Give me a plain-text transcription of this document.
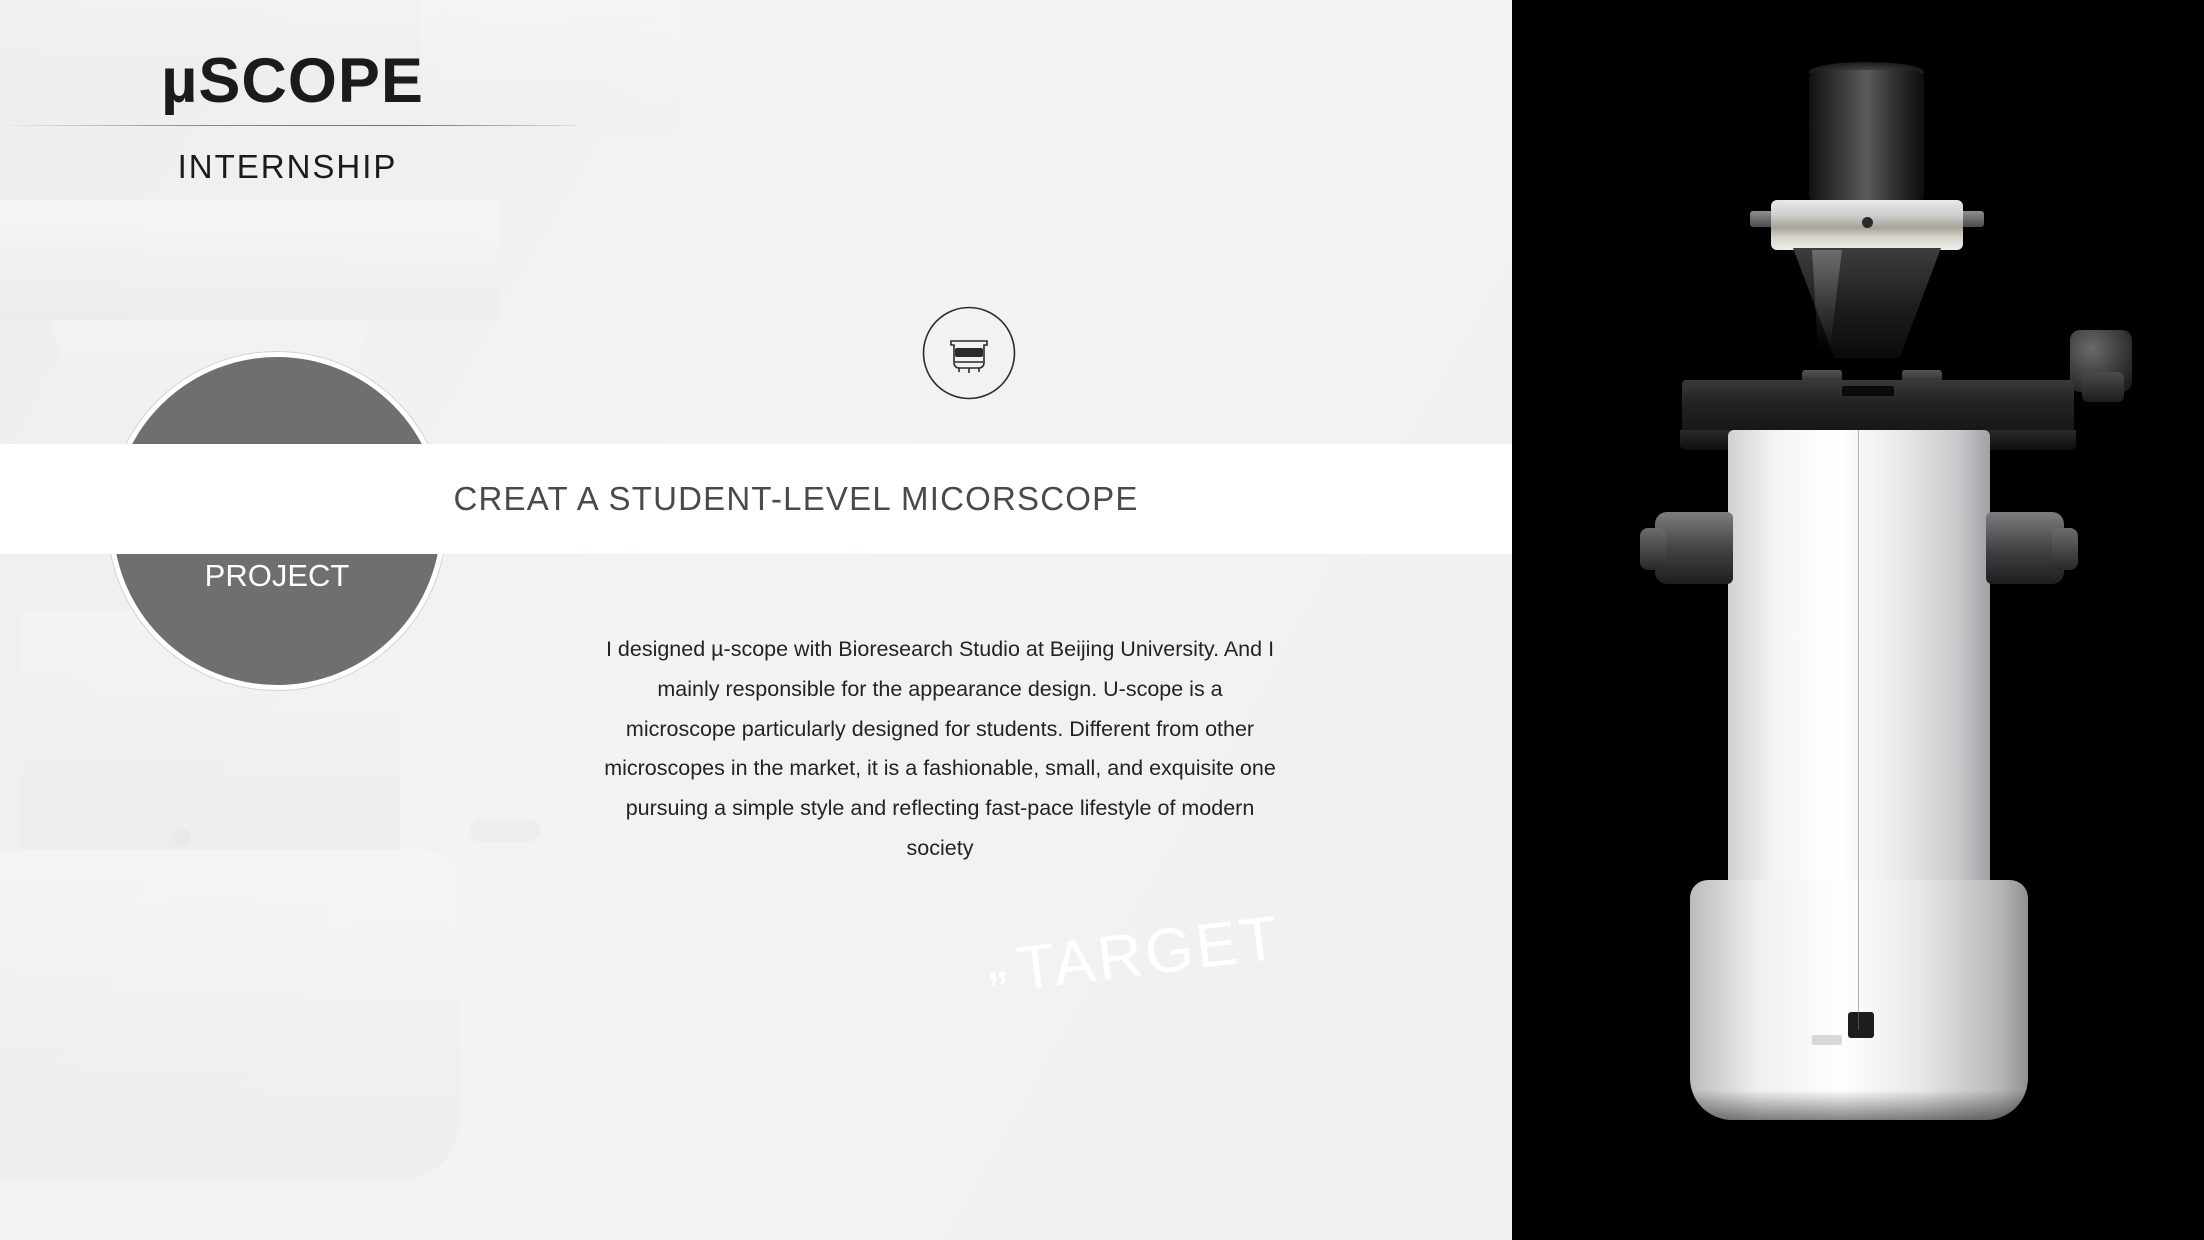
µSCOPE
INTERNSHIP
PROJECT
CREAT A STUDENT-LEVEL MICORSCOPE
I designed µ-scope with Bioresearch Studio at Beijing University. And I mainly responsible for the appearance design. U-scope is a microscope particularly designed for students. Different from other microscopes in the market, it is a fashionable, small, and exquisite one pursuing a simple style and reflecting fast-pace lifestyle of modern society
” TARGET
